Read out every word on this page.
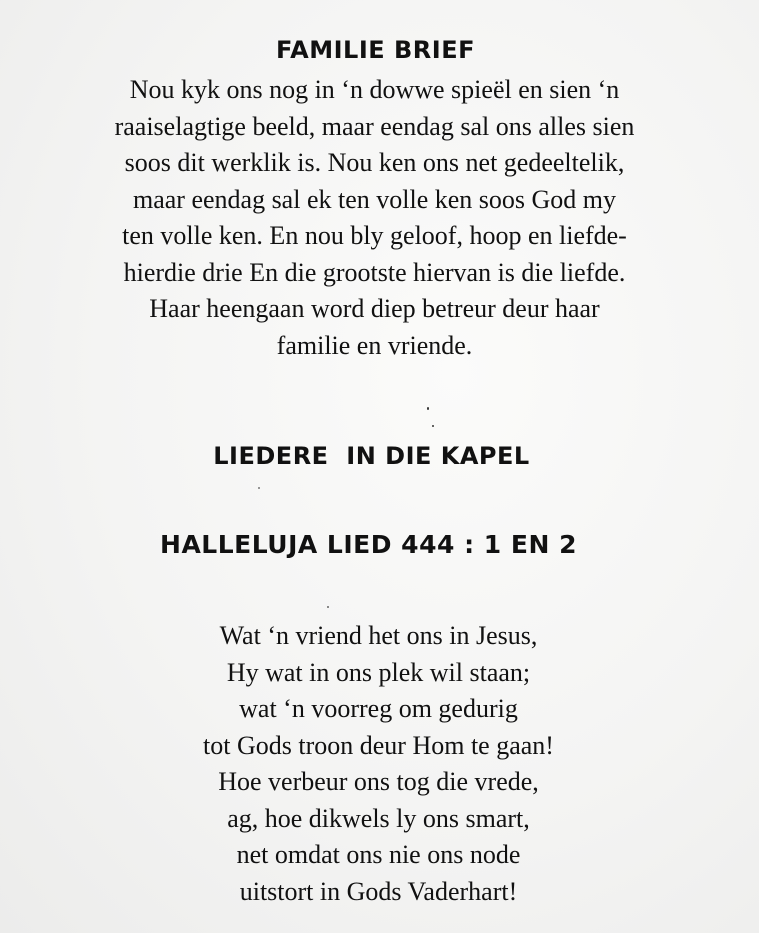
FAMILIE BRIEF
Nou kyk ons nog in ‘n dowwe spieël en sien ‘n
raaiselagtige beeld, maar eendag sal ons alles sien
soos dit werklik is. Nou ken ons net gedeeltelik,
maar eendag sal ek ten volle ken soos God my
ten volle ken. En nou bly geloof, hoop en liefde-
hierdie drie En die grootste hiervan is die liefde.
Haar heengaan word diep betreur deur haar
familie en vriende.
LIEDERE  IN DIE KAPEL
HALLELUJA LIED 444 : 1 EN 2
Wat ‘n vriend het ons in Jesus,
Hy wat in ons plek wil staan;
wat ‘n voorreg om gedurig
tot Gods troon deur Hom te gaan!
Hoe verbeur ons tog die vrede,
ag, hoe dikwels ly ons smart,
net omdat ons nie ons node
uitstort in Gods Vaderhart!
